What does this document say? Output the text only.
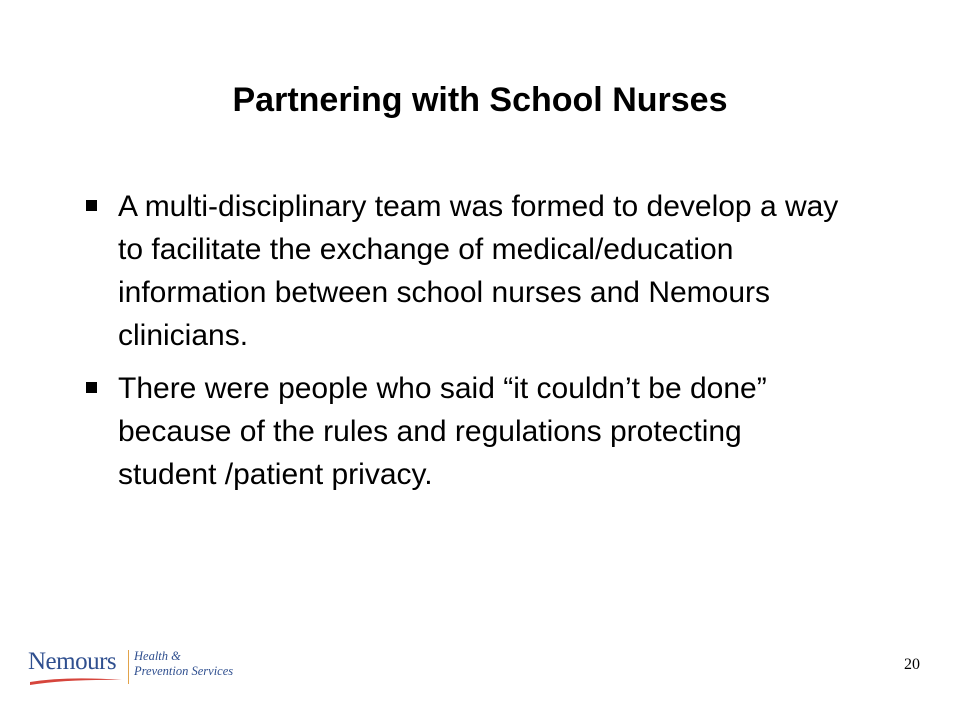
Partnering with School Nurses
A multi-disciplinary team was formed to develop a way to facilitate the exchange of medical/education information between school nurses and Nemours clinicians.
There were people who said “it couldn’t be done” because of the rules and regulations protecting student /patient privacy.
Nemours Health &
Prevention Services	20
